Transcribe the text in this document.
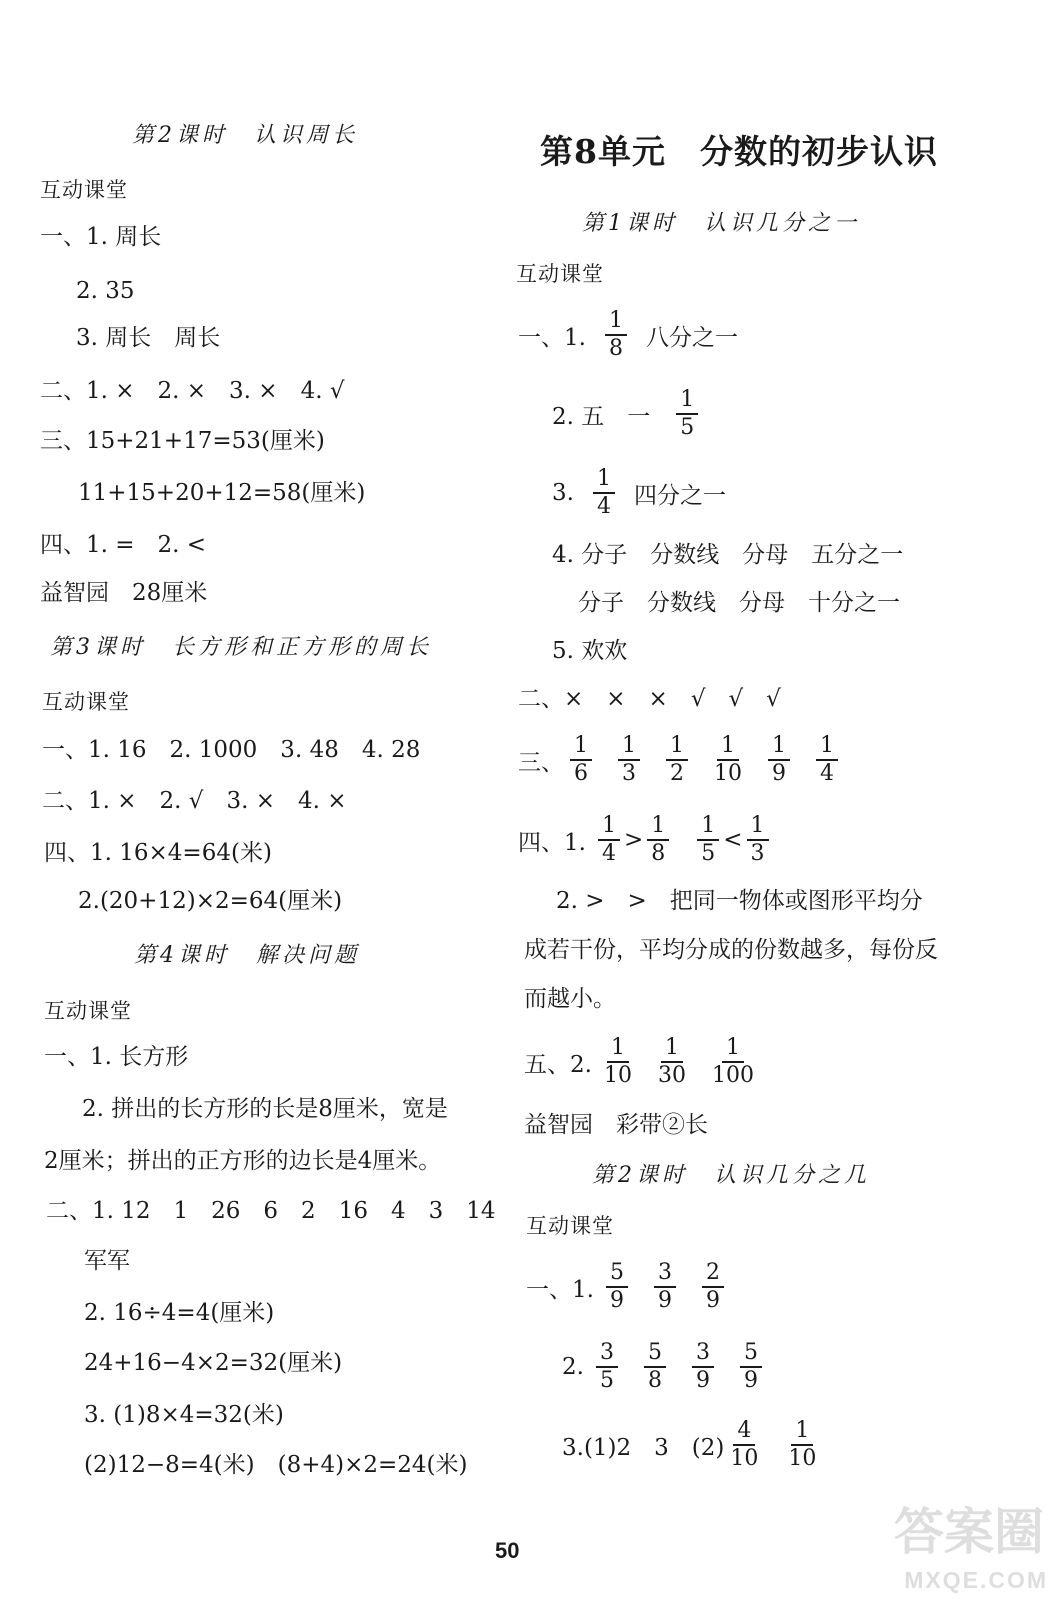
第2课时　认识周长
互动课堂
一、1. 周长
2. 35
3. 周长　周长
二、1. ×　2. ×　3. ×　4. √
三、15+21+17=53(厘米)
11+15+20+12=58(厘米)
四、1. =　2. <
益智园　28厘米
第3课时　长方形和正方形的周长
互动课堂
一、1. 16　2. 1000　3. 48　4. 28
二、1. ×　2. √　3. ×　4. ×
四、1. 16×4=64(米)
2.(20+12)×2=64(厘米)
第4课时　解决问题
互动课堂
一、1. 长方形
2. 拼出的长方形的长是8厘米，宽是
2厘米；拼出的正方形的边长是4厘米。
二、1. 12　1　26　6　2　16　4　3　14
军军
2. 16÷4=4(厘米)
24+16−4×2=32(厘米)
3. (1)8×4=32(米)
(2)12−8=4(米)　(8+4)×2=24(米)
第8单元　分数的初步认识
第1课时　认识几分之一
互动课堂
一、1. $\frac{1}{8}$ 八分之一
2. 五　一 $\frac{1}{5}$
3. $\frac{1}{4}$ 四分之一
4. 分子　分数线　分母　五分之一
分子　分数线　分母　十分之一
5. 欢欢
二、×　×　×　√　√　√
三、 $\frac{1}{6} \frac{1}{3} \frac{1}{2} \frac{1}{10} \frac{1}{9} \frac{1}{4}$
四、1. $\frac{1}{4} > \frac{1}{8} \frac{1}{5} < \frac{1}{3}$
2. >　>　把同一物体或图形平均分
成若干份，平均分成的份数越多，每份反
而越小。
五、2. $\frac{1}{10} \frac{1}{30} \frac{1}{100}$
益智园　彩带②长
第2课时　认识几分之几
互动课堂
一、1. $\frac{5}{9} \frac{3}{9} \frac{2}{9}$
2. $\frac{3}{5} \frac{5}{8} \frac{3}{9} \frac{5}{9}$
3.(1)2　3　$(2) \frac{4}{10} \frac{1}{10}$
50	答案圈
MXQE.COM
